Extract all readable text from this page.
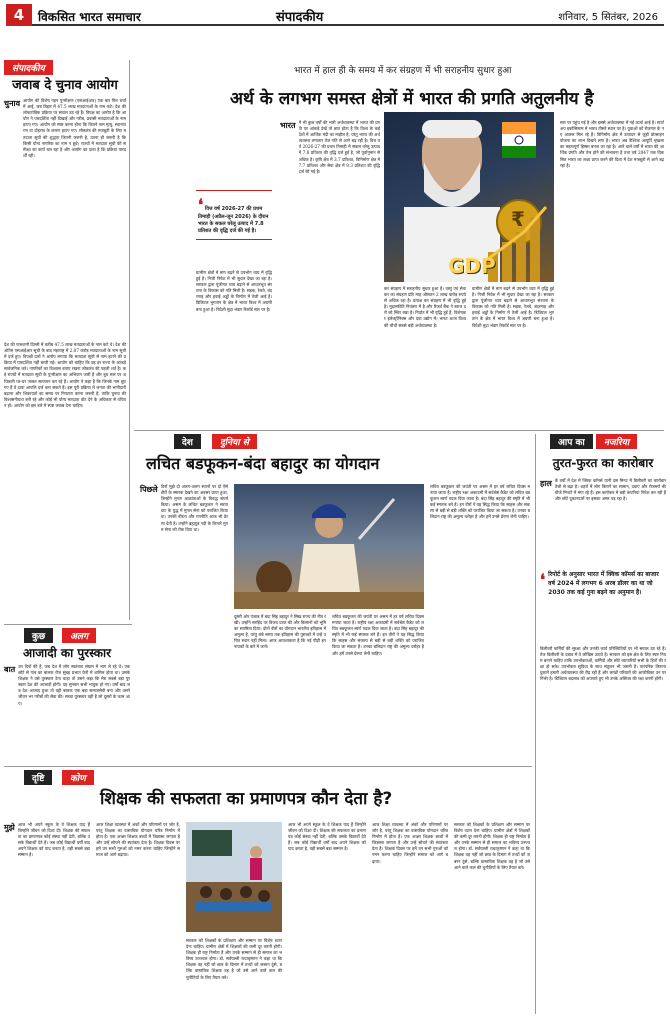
4	विकसित भारत समाचार	संपादकीय	शनिवार, 5 सितंबर, 2026
संपादकीय
जवाब दे चुनाव आयोग
चुनाव आयोग की विशेष गहन पुनरीक्षण (एसआईआर) एक बार फिर चर्चा में आई, जब बिहार में 47.5 लाख मतदाताओं के नाम कटे। देश की लोकतांत्रिक प्रक्रिया पर सवाल उठ रहे हैं। विपक्ष का आरोप है कि आयोग ने पारदर्शिता नहीं दिखाई और गरीब, प्रवासी मतदाताओं के नाम हटाए गए। आयोग को स्पष्ट करना होगा कि कितने नाम मृत्यु, स्थानांतरण या दोहराव के कारण हटाए गए। लोकतंत्र की मजबूती के लिए मतदाता सूची की शुद्धता जितनी जरूरी है, उतना ही जरूरी है कि किसी योग्य नागरिक का नाम न छूटे। राज्यों में मतदाता सूची की समीक्षा का कार्य चल रहा है और आयोग का दावा है कि प्रक्रिया पारदर्शी रही।
देश की राजधानी दिल्ली में करीब 47.5 लाख मतदाताओं के नाम कटे थे। देश की अंतिम एसआईआर सूची के बाद महाराष्ट्र में 2.07 करोड़ मतदाताओं के नाम सूची में दर्ज हुए। विपक्षी दलों ने आरोप लगाया कि मतदाता सूची से नाम हटाने की प्रक्रिया में पारदर्शिता नहीं बरती गई। आयोग को चाहिए कि वह हर राज्य के आंकड़े सार्वजनिक करे। नागरिकों का विश्वास बनाए रखना लोकतंत्र की पहली शर्त है। कई राज्यों में मतदाता सूची के पुनरीक्षण का अभियान जारी है और बूथ स्तर पर अधिकारी घर-घर जाकर सत्यापन कर रहे हैं। आयोग ने कहा है कि जिनके नाम छूट गए हैं वे दावा आपत्ति दर्ज करा सकते हैं। इस पूरी प्रक्रिया में जनता की भागीदारी बढ़ाना और शिकायतों का समय पर निपटारा करना जरूरी है, ताकि चुनाव की विश्वसनीयता बनी रहे और कोई भी योग्य मतदाता वोट देने के अधिकार से वंचित न हो। आयोग को इस बारे में स्पष्ट जवाब देना चाहिए।
भारत में हाल ही के समय में कर संग्रहण में भी सराहनीय सुधार हुआ
अर्थ के लगभग समस्त क्षेत्रों में भारत की प्रगति अतुलनीय है
❛ वित्त वर्ष 2026-27 की प्रथम तिमाही (अप्रैल-जून 2026) के दौरान भारत के सकल घरेलू उत्पाद में 7.8 प्रतिशत की वृद्धि दर्ज की गई है।
भारत में भी कुछ वर्षों की भारी अर्थव्यवस्था में भारत की प्रगति पर आंकड़े देखें तो ज्ञात होता है कि विश्व के कई देशों में आर्थिक मंदी का माहौल है, परंतु भारत की अर्थव्यवस्था लगातार तेज गति से आगे बढ़ रही है। वित्त वर्ष 2026-27 की प्रथम तिमाही में सकल घरेलू उत्पाद में 7.8 प्रतिशत की वृद्धि दर्ज हुई है, जो पूर्वानुमान से अधिक है। कृषि क्षेत्र में 3.7 प्रतिशत, विनिर्माण क्षेत्र में 7.7 प्रतिशत और सेवा क्षेत्र में 9.3 प्रतिशत की वृद्धि दर्ज की गई है।
ग्रामीण क्षेत्रों में मांग बढ़ने से उपभोग व्यय में वृद्धि हुई है। निजी निवेश में भी सुधार देखा जा रहा है। सरकार द्वारा पूंजीगत व्यय बढ़ाने से आधारभूत संरचना के विकास को गति मिली है। सड़क, रेलवे, बंदरगाह और हवाई अड्डों के निर्माण में तेजी आई है। डिजिटल भुगतान के क्षेत्र में भारत विश्व में अग्रणी बना हुआ है। विदेशी मुद्रा भंडार रिकॉर्ड स्तर पर है।
₹
GDP
कर संग्रहण में सराहनीय सुधार हुआ है। वस्तु एवं सेवा कर का संग्रहण प्रति माह औसतन 2 लाख करोड़ रुपये से अधिक रहा है। प्रत्यक्ष कर संग्रहण में भी वृद्धि हुई है। मुद्रास्फीति नियंत्रण में है और रिजर्व बैंक ने ब्याज दरों को स्थिर रखा है। निर्यात में भी वृद्धि हुई है, विशेषकर इलेक्ट्रॉनिक्स और दवा उद्योग में। भारत आज विश्व की चौथी सबसे बड़ी अर्थव्यवस्था है।
ग्रामीण क्षेत्रों में मांग बढ़ने से उपभोग व्यय में वृद्धि हुई है। निजी निवेश में भी सुधार देखा जा रहा है। सरकार द्वारा पूंजीगत व्यय बढ़ाने से आधारभूत संरचना के विकास को गति मिली है। सड़क, रेलवे, बंदरगाह और हवाई अड्डों के निर्माण में तेजी आई है। डिजिटल भुगतान के क्षेत्र में भारत विश्व में अग्रणी बना हुआ है। विदेशी मुद्रा भंडार रिकॉर्ड स्तर पर है।
स्तर पर पहुंच गई है और इससे अर्थव्यवस्था में नई ऊर्जा आई है। स्टार्टअप इकोसिस्टम में भारत तीसरे स्थान पर है। युवाओं को रोजगार के नए अवसर मिल रहे हैं। विनिर्माण क्षेत्र में उत्पादन से जुड़ी प्रोत्साहन योजना का लाभ दिखने लगा है। भारत अब वैश्विक आपूर्ति श्रृंखला का महत्वपूर्ण हिस्सा बनता जा रहा है। आने वाले वर्षों में भारत की आर्थिक प्रगति और तेज होने की संभावना है तथा वर्ष 2047 तक विकसित भारत का लक्ष्य प्राप्त करने की दिशा में देश मजबूती से आगे बढ़ रहा है।
देश	दुनिया से
लचित बडफूकन-बंदा बहादुर का योगदान
पिछले दिनों मुझे दो अलग-अलग स्थानों पर दो ऐसे वीरों के स्मारक देखने का अवसर प्राप्त हुआ, जिन्होंने मुगल आक्रांताओं के विरुद्ध संघर्ष किया। असम के लचित बडफूकन ने सरायघाट के युद्ध में मुगल सेना को पराजित किया था। उनकी वीरता और रणनीति आज भी प्रेरणा देती है। उन्होंने ब्रह्मपुत्र नदी के किनारे मुगल सेना को रोक दिया था।
दूसरी ओर पंजाब में बंदा सिंह बहादुर ने सिख राज्य की नींव रखी। उन्होंने सरहिंद पर विजय प्राप्त की और किसानों को भूमि का स्वामित्व दिया। दोनों वीरों का योगदान भारतीय इतिहास में अमूल्य है, परंतु लंबे समय तक इतिहास की पुस्तकों में उन्हें उचित स्थान नहीं मिला। आज आवश्यकता है कि नई पीढ़ी इन नायकों के बारे में जाने।
लचित बडफूकन की जयंती पर असम में हर वर्ष लचित दिवस मनाया जाता है। राष्ट्रीय रक्षा अकादमी में सर्वश्रेष्ठ कैडेट को लचित बडफूकन स्वर्ण पदक दिया जाता है। बंदा सिंह बहादुर की स्मृति में भी कई स्मारक बने हैं। इन वीरों ने यह सिद्ध किया कि साहस और संकल्प से बड़ी से बड़ी शक्ति को पराजित किया जा सकता है। उनका बलिदान राष्ट्र की अमूल्य धरोहर है और हमें उनसे प्रेरणा लेनी चाहिए।
लचित बडफूकन की जयंती पर असम में हर वर्ष लचित दिवस मनाया जाता है। राष्ट्रीय रक्षा अकादमी में सर्वश्रेष्ठ कैडेट को लचित बडफूकन स्वर्ण पदक दिया जाता है। बंदा सिंह बहादुर की स्मृति में भी कई स्मारक बने हैं। इन वीरों ने यह सिद्ध किया कि साहस और संकल्प से बड़ी से बड़ी शक्ति को पराजित किया जा सकता है। उनका बलिदान राष्ट्र की अमूल्य धरोहर है और हमें उनसे प्रेरणा लेनी चाहिए।
आप का	नजरिया
तुरत-फुरत का कारोबार
हाल के वर्षों में देश में क्विक कॉमर्स यानी दस मिनट में डिलीवरी का कारोबार तेजी से बढ़ा है। शहरों में लोग किराने का सामान, दवाएं और रोजमर्रा की चीजें मिनटों में मंगा रहे हैं। इस कारोबार में बड़ी कंपनियां निवेश कर रही हैं और छोटे दुकानदारों पर इसका असर पड़ रहा है।
❛ रिपोर्ट के अनुसार भारत में क्विक कॉमर्स का बाजार वर्ष 2024 में लगभग 6 अरब डॉलर का था जो 2030 तक कई गुना बढ़ने का अनुमान है।
डिलीवरी कर्मियों की सुरक्षा और उनकी कार्य परिस्थितियों पर भी सवाल उठ रहे हैं। तेज डिलीवरी के दबाव में वे जोखिम उठाते हैं। सरकार को इस क्षेत्र के लिए स्पष्ट नियम बनाने चाहिए ताकि उपभोक्ताओं, कर्मियों और छोटे व्यापारियों सभी के हितों की रक्षा हो सके। उपभोक्ता सुविधा के साथ संतुलन भी जरूरी है। पारंपरिक किराना दुकानें हमारी अर्थव्यवस्था की रीढ़ रही हैं और लाखों परिवारों की आजीविका उन पर निर्भर है। डिजिटल बदलाव को अपनाते हुए भी उनके अस्तित्व की रक्षा करनी होगी।
कुछ	अलग
आजादी का पुरस्कार
बात उन दिनों की है, जब देश में लोग स्वतंत्रता संग्राम में भाग ले रहे थे। एक छोटे से गांव का बालक रोज सुबह प्रभात फेरी में शामिल होता था। उसके शिक्षक ने उसे पुरस्कार देना चाहा तो उसने कहा कि मेरा सबसे बड़ा पुरस्कार देश की आजादी होगी। यह सुनकर सभी भावुक हो गए। वर्षों बाद जब देश आजाद हुआ तो वही बालक एक बड़ा समाजसेवी बना और उसने जीवन भर गरीबों की सेवा की। सच्चा पुरस्कार वही है जो दूसरों के काम आए।
दृष्टि	कोण
शिक्षक की सफलता का प्रमाणपत्र कौन देता है?
मुझे आज भी अपने स्कूल के वे शिक्षक याद हैं जिन्होंने जीवन को दिशा दी। शिक्षक की सफलता का प्रमाणपत्र कोई संस्था नहीं देती, बल्कि उसके विद्यार्थी देते हैं। जब कोई विद्यार्थी वर्षों बाद अपने शिक्षक को याद करता है, वही सबसे बड़ा सम्मान है।
आज शिक्षा व्यवस्था में अंकों और परिणामों पर जोर है, परंतु शिक्षक का वास्तविक योगदान चरित्र निर्माण में होता है। एक अच्छा शिक्षक बच्चों में जिज्ञासा जगाता है और उन्हें सोचने की स्वतंत्रता देता है। शिक्षक दिवस पर हमें उन सभी गुरुओं को नमन करना चाहिए जिन्होंने समाज को आगे बढ़ाया।
सरकार को शिक्षकों के प्रशिक्षण और सम्मान पर विशेष ध्यान देना चाहिए। ग्रामीण क्षेत्रों में शिक्षकों की कमी दूर करनी होगी। शिक्षक ही राष्ट्र निर्माता हैं और उनके सम्मान से ही समाज का भविष्य उज्ज्वल होगा। डॉ. सर्वपल्ली राधाकृष्णन ने कहा था कि शिक्षक वह नहीं जो छात्र के दिमाग में तथ्यों को जबरन ठूंसे, बल्कि वास्तविक शिक्षक वह है जो उसे आने वाले कल की चुनौतियों के लिए तैयार करे।
आज भी अपने स्कूल के वे शिक्षक याद हैं जिन्होंने जीवन को दिशा दी। शिक्षक की सफलता का प्रमाणपत्र कोई संस्था नहीं देती, बल्कि उसके विद्यार्थी देते हैं। जब कोई विद्यार्थी वर्षों बाद अपने शिक्षक को याद करता है, वही सबसे बड़ा सम्मान है।
आज शिक्षा व्यवस्था में अंकों और परिणामों पर जोर है, परंतु शिक्षक का वास्तविक योगदान चरित्र निर्माण में होता है। एक अच्छा शिक्षक बच्चों में जिज्ञासा जगाता है और उन्हें सोचने की स्वतंत्रता देता है। शिक्षक दिवस पर हमें उन सभी गुरुओं को नमन करना चाहिए जिन्होंने समाज को आगे बढ़ाया।
सरकार को शिक्षकों के प्रशिक्षण और सम्मान पर विशेष ध्यान देना चाहिए। ग्रामीण क्षेत्रों में शिक्षकों की कमी दूर करनी होगी। शिक्षक ही राष्ट्र निर्माता हैं और उनके सम्मान से ही समाज का भविष्य उज्ज्वल होगा। डॉ. सर्वपल्ली राधाकृष्णन ने कहा था कि शिक्षक वह नहीं जो छात्र के दिमाग में तथ्यों को जबरन ठूंसे, बल्कि वास्तविक शिक्षक वह है जो उसे आने वाले कल की चुनौतियों के लिए तैयार करे।
